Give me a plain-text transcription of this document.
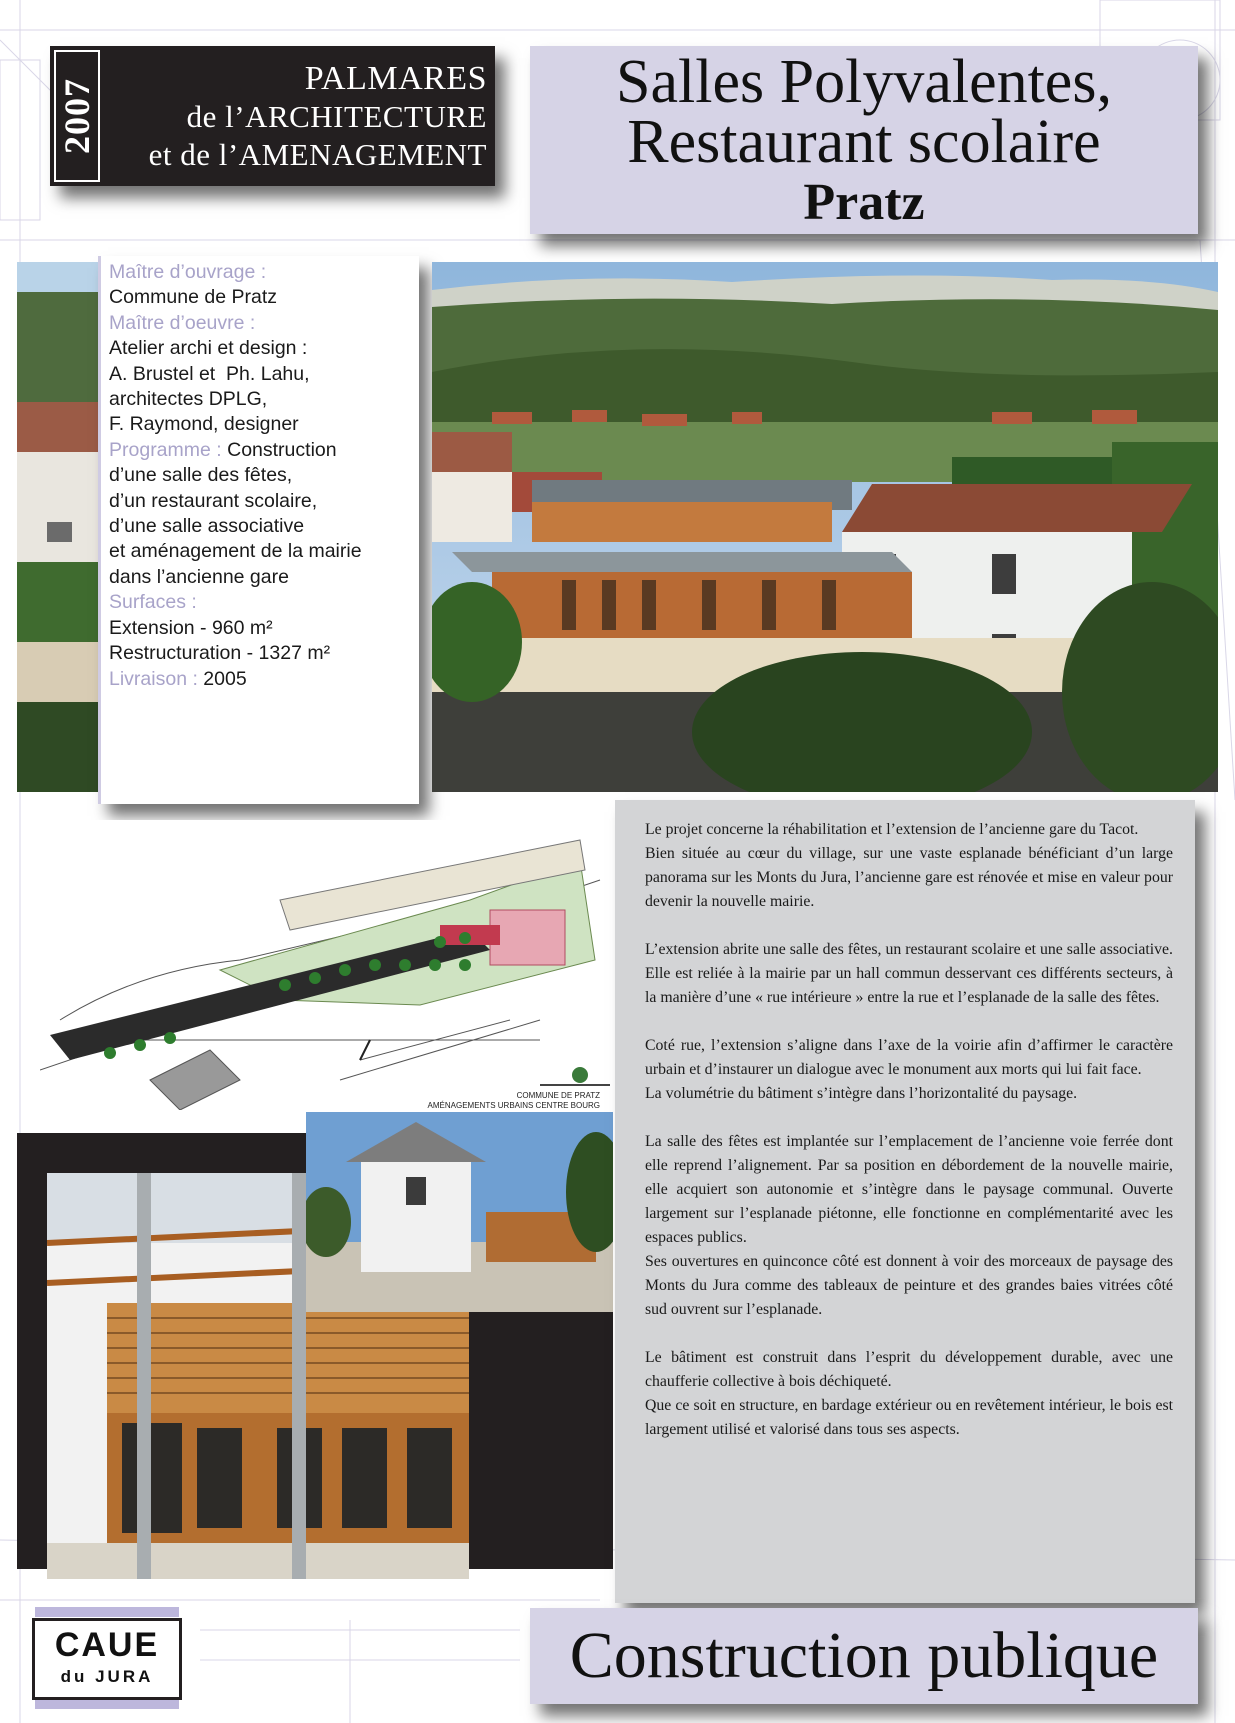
2007	PALMARES
de l’ARCHITECTURE
et de l’AMENAGEMENT
Salles Polyvalentes,
Restaurant scolaire
Pratz
Maître d’ouvrage :
Commune de Pratz
Maître d’oeuvre :
Atelier archi et design :
A. Brustel et  Ph. Lahu,
architectes DPLG,
F. Raymond, designer
Programme : Construction
d’une salle des fêtes,
d’un restaurant scolaire,
d’une salle associative
et aménagement de la mairie
dans l’ancienne gare
Surfaces :
Extension - 960 m²
Restructuration - 1327 m²
Livraison : 2005
COMMUNE DE PRATZ
AMÉNAGEMENTS URBAINS CENTRE BOURG

Le projet concerne la réhabilitation et l’extension de l’ancienne gare du Tacot.
Bien située au cœur du village, sur une vaste esplanade bénéficiant d’un large panorama sur les Monts du Jura, l’ancienne gare est rénovée et mise en valeur pour devenir la nouvelle mairie.

L’extension abrite une salle des fêtes, un restaurant scolaire et une salle associative. Elle est reliée à la mairie par un hall commun desservant ces différents secteurs, à la manière d’une « rue intérieure » entre la rue et l’esplanade de la salle des fêtes.

Coté rue, l’extension s’aligne dans l’axe de la voirie afin d’affirmer le caractère urbain et d’instaurer un dialogue avec le monument aux morts qui lui fait face.
La volumétrie du bâtiment s’intègre dans l’horizontalité du paysage.

La salle des fêtes est implantée sur l’emplacement de l’ancienne voie ferrée dont elle reprend l’alignement. Par sa position en débordement de la nouvelle mairie, elle acquiert son autonomie et s’intègre dans le paysage communal. Ouverte largement sur l’esplanade piétonne, elle fonctionne en complémentarité avec les espaces publics.
Ses ouvertures en quinconce côté est donnent à voir des morceaux de paysage des Monts du Jura comme des tableaux de peinture et des grandes baies vitrées côté sud ouvrent sur l’esplanade.

Le bâtiment est construit dans l’esprit du développement durable, avec une chaufferie collective à bois déchiqueté.
Que ce soit en structure, en bardage extérieur ou en revêtement intérieur, le bois est largement utilisé et valorisé dans tous ses aspects.

CAUE
du JURA	Construction publique
